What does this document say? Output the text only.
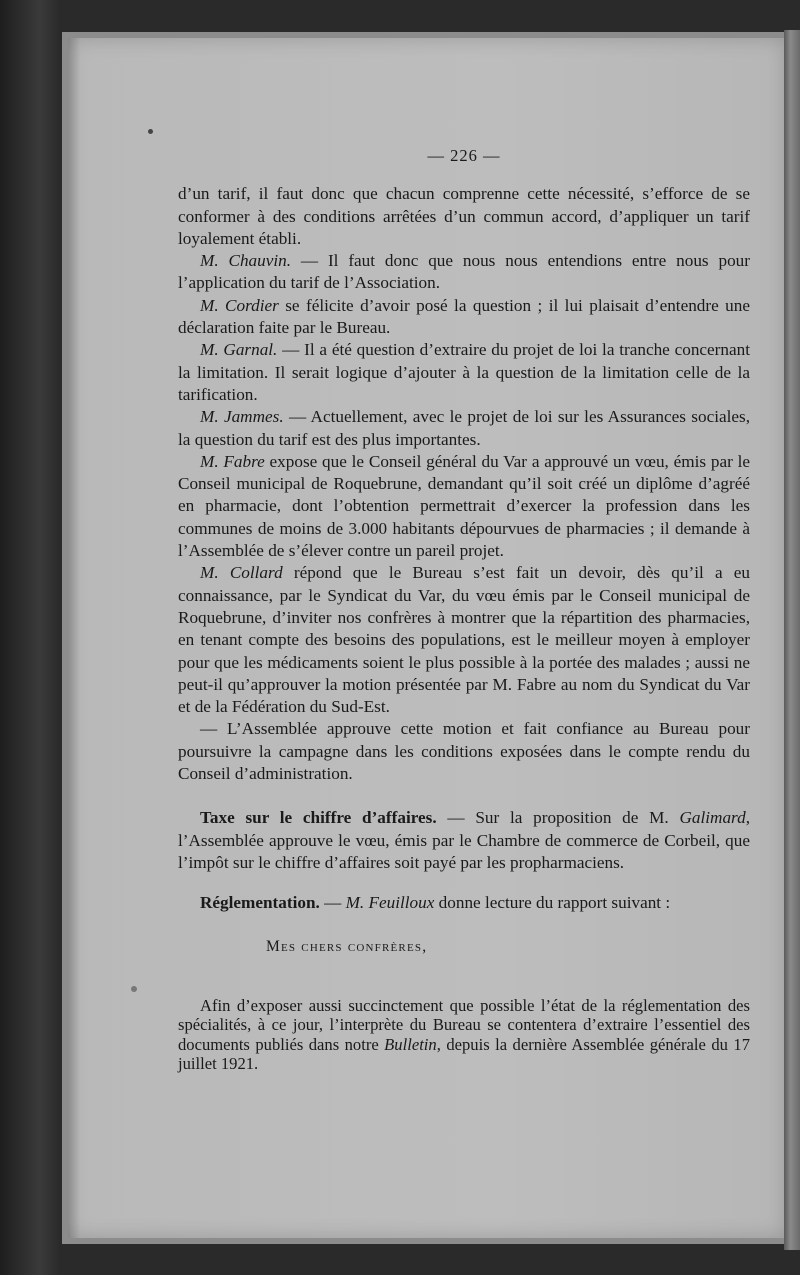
— 226 —

d’un tarif, il faut donc que chacun comprenne cette nécessité, s’efforce de se conformer à des conditions arrêtées d’un commun accord, d’appliquer un tarif loyalement établi.

M. Chauvin. — Il faut donc que nous nous entendions entre nous pour l’application du tarif de l’Association.

M. Cordier se félicite d’avoir posé la question ; il lui plaisait d’entendre une déclaration faite par le Bureau.

M. Garnal. — Il a été question d’extraire du projet de loi la tranche concernant la limitation. Il serait logique d’ajouter à la question de la limitation celle de la tarification.

M. Jammes. — Actuellement, avec le projet de loi sur les Assurances sociales, la question du tarif est des plus importantes.

M. Fabre expose que le Conseil général du Var a approuvé un vœu, émis par le Conseil municipal de Roquebrune, demandant qu’il soit créé un diplôme d’agréé en pharmacie, dont l’obtention permettrait d’exercer la profession dans les communes de moins de 3.000 habitants dépourvues de pharmacies ; il demande à l’Assemblée de s’élever contre un pareil projet.

M. Collard répond que le Bureau s’est fait un devoir, dès qu’il a eu connaissance, par le Syndicat du Var, du vœu émis par le Conseil municipal de Roquebrune, d’inviter nos confrères à montrer que la répartition des pharmacies, en tenant compte des besoins des populations, est le meilleur moyen à employer pour que les médicaments soient le plus possible à la portée des malades ; aussi ne peut-il qu’approuver la motion présentée par M. Fabre au nom du Syndicat du Var et de la Fédération du Sud-Est.

— L’Assemblée approuve cette motion et fait confiance au Bureau pour poursuivre la campagne dans les conditions exposées dans le compte rendu du Conseil d’administration.

Taxe sur le chiffre d’affaires. — Sur la proposition de M. Galimard, l’Assemblée approuve le vœu, émis par le Chambre de commerce de Corbeil, que l’impôt sur le chiffre d’affaires soit payé par les propharmaciens.

Réglementation. — M. Feuilloux donne lecture du rapport suivant :

Mes chers confrères,

Afin d’exposer aussi succinctement que possible l’état de la réglementation des spécialités, à ce jour, l’interprète du Bureau se contentera d’extraire l’essentiel des documents publiés dans notre Bulletin, depuis la dernière Assemblée générale du 17 juillet 1921.
